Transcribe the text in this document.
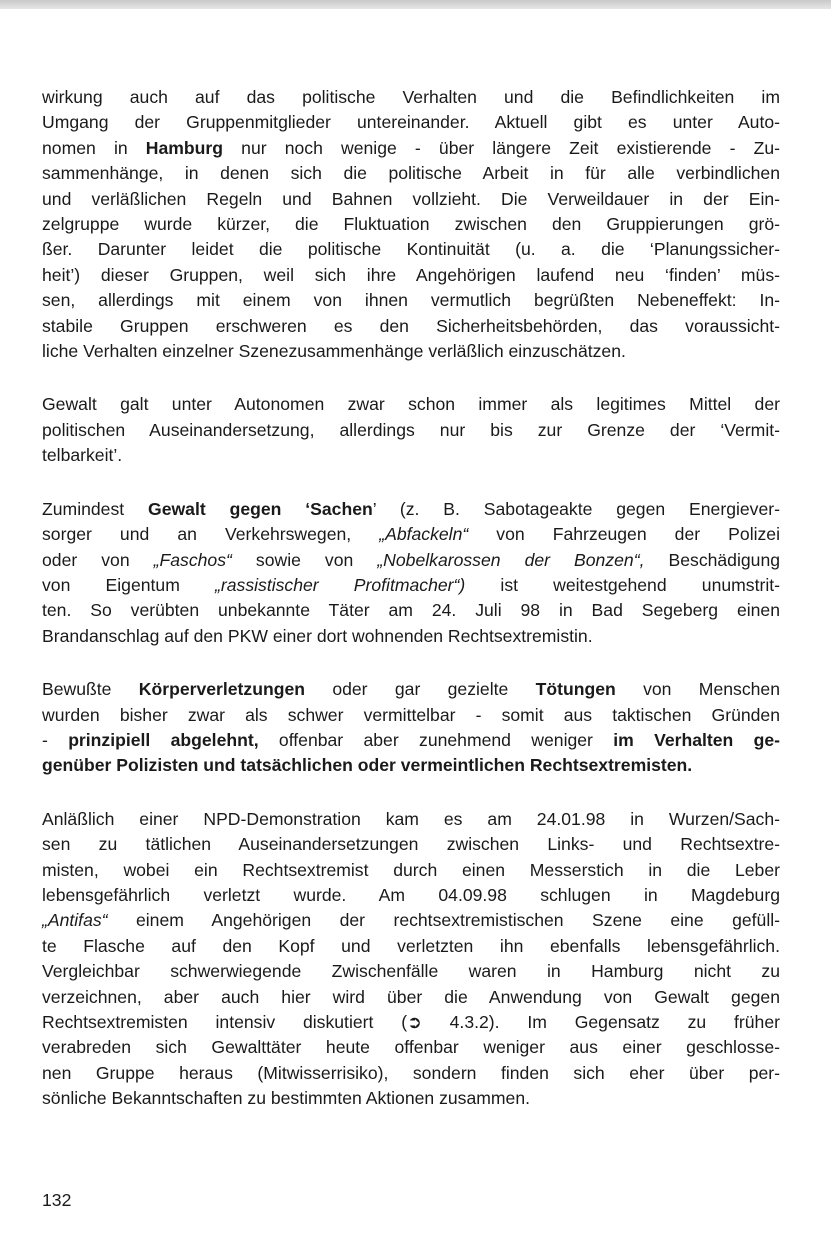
wirkung auch auf das politische Verhalten und die Befindlichkeiten im
Umgang der Gruppenmitglieder untereinander. Aktuell gibt es unter Auto-
nomen in Hamburg nur noch wenige - über längere Zeit existierende - Zu-
sammenhänge, in denen sich die politische Arbeit in für alle verbindlichen
und verläßlichen Regeln und Bahnen vollzieht. Die Verweildauer in der Ein-
zelgruppe wurde kürzer, die Fluktuation zwischen den Gruppierungen grö-
ßer. Darunter leidet die politische Kontinuität (u. a. die ‘Planungssicher-
heit’) dieser Gruppen, weil sich ihre Angehörigen laufend neu ‘finden’ müs-
sen, allerdings mit einem von ihnen vermutlich begrüßten Nebeneffekt: In-
stabile Gruppen erschweren es den Sicherheitsbehörden, das voraussicht-
liche Verhalten einzelner Szenezusammenhänge verläßlich einzuschätzen.

Gewalt galt unter Autonomen zwar schon immer als legitimes Mittel der
politischen Auseinandersetzung, allerdings nur bis zur Grenze der ‘Vermit-
telbarkeit’.

Zumindest Gewalt gegen ‘Sachen’ (z. B. Sabotageakte gegen Energiever-
sorger und an Verkehrswegen, „Abfackeln“ von Fahrzeugen der Polizei
oder von „Faschos“ sowie von „Nobelkarossen der Bonzen“, Beschädigung
von Eigentum „rassistischer Profitmacher“) ist weitestgehend unumstrit-
ten. So verübten unbekannte Täter am 24. Juli 98 in Bad Segeberg einen
Brandanschlag auf den PKW einer dort wohnenden Rechtsextremistin.

Bewußte Körperverletzungen oder gar gezielte Tötungen von Menschen
wurden bisher zwar als schwer vermittelbar - somit aus taktischen Gründen
- prinzipiell abgelehnt, offenbar aber zunehmend weniger im Verhalten ge-
genüber Polizisten und tatsächlichen oder vermeintlichen Rechtsextremisten.

Anläßlich einer NPD-Demonstration kam es am 24.01.98 in Wurzen/Sach-
sen zu tätlichen Auseinandersetzungen zwischen Links- und Rechtsextre-
misten, wobei ein Rechtsextremist durch einen Messerstich in die Leber
lebensgefährlich verletzt wurde. Am 04.09.98 schlugen in Magdeburg
„Antifas“ einem Angehörigen der rechtsextremistischen Szene eine gefüll-
te Flasche auf den Kopf und verletzten ihn ebenfalls lebensgefährlich.
Vergleichbar schwerwiegende Zwischenfälle waren in Hamburg nicht zu
verzeichnen, aber auch hier wird über die Anwendung von Gewalt gegen
Rechtsextremisten intensiv diskutiert (➲ 4.3.2). Im Gegensatz zu früher
verabreden sich Gewalttäter heute offenbar weniger aus einer geschlosse-
nen Gruppe heraus (Mitwisserrisiko), sondern finden sich eher über per-
sönliche Bekanntschaften zu bestimmten Aktionen zusammen.

132
